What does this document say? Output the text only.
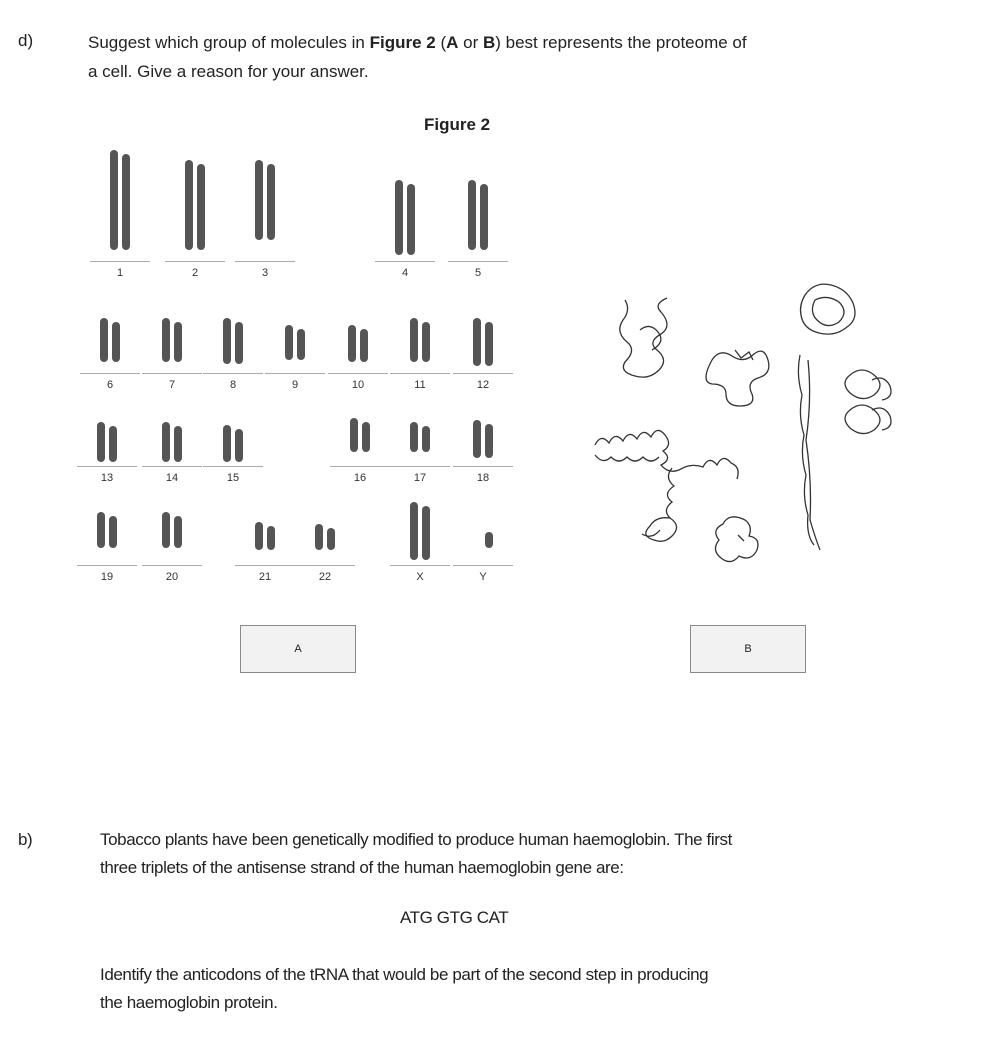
d)	Suggest which group of molecules in Figure 2 (A or B) best represents the proteome of
a cell. Give a reason for your answer.
Figure 2
1	2	3	4	5
6	7	8	9	10	11	12
13	14	15	16	17	18
19	20	21	22	X	Y
A	B
b)	Tobacco plants have been genetically modified to produce human haemoglobin. The first
three triplets of the antisense strand of the human haemoglobin gene are:
ATG GTG CAT
Identify the anticodons of the tRNA that would be part of the second step in producing
the haemoglobin protein.
